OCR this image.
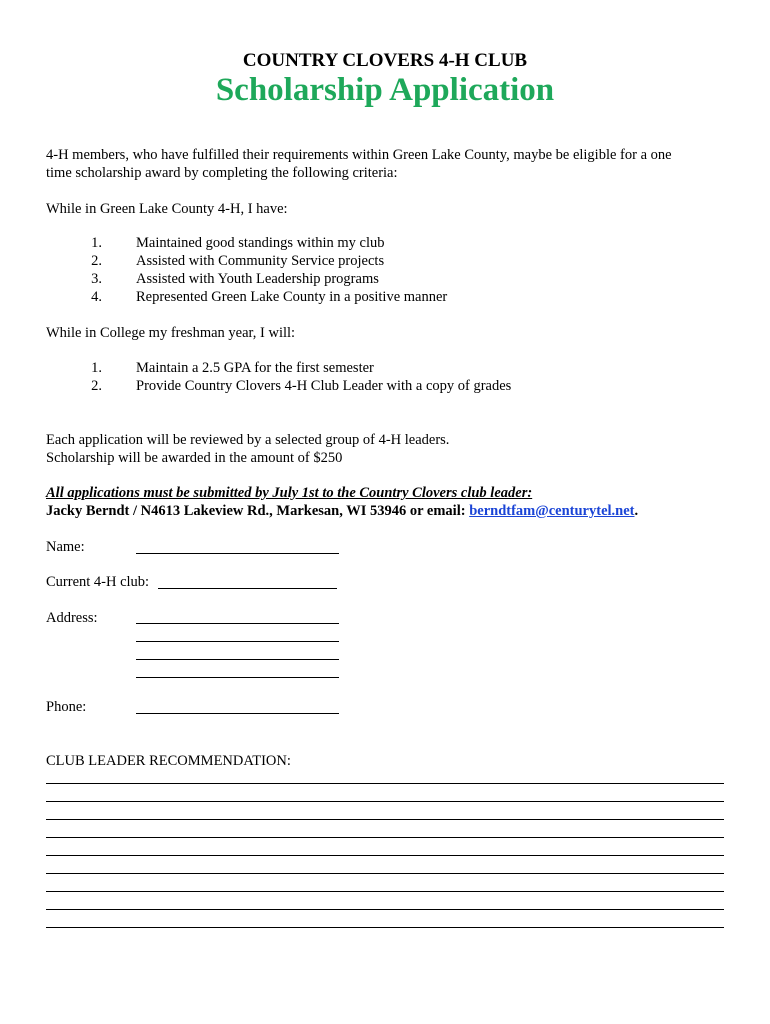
COUNTRY CLOVERS 4-H CLUB
Scholarship Application
4-H members, who have fulfilled their requirements within Green Lake County, maybe be eligible for a one
time scholarship award by completing the following criteria:
While in Green Lake County 4-H, I have:
1. Maintained good standings within my club
2. Assisted with Community Service projects
3. Assisted with Youth Leadership programs
4. Represented Green Lake County in a positive manner
While in College my freshman year, I will:
1. Maintain a 2.5 GPA for the first semester
2. Provide Country Clovers 4-H Club Leader with a copy of grades
Each application will be reviewed by a selected group of 4-H leaders.
Scholarship will be awarded in the amount of $250
All applications must be submitted by July 1st to the Country Clovers club leader:
Jacky Berndt / N4613 Lakeview Rd., Markesan, WI 53946 or email: berndtfam@centurytel.net.
Name:
Current 4-H club:
Address:
Phone:
CLUB LEADER RECOMMENDATION:
